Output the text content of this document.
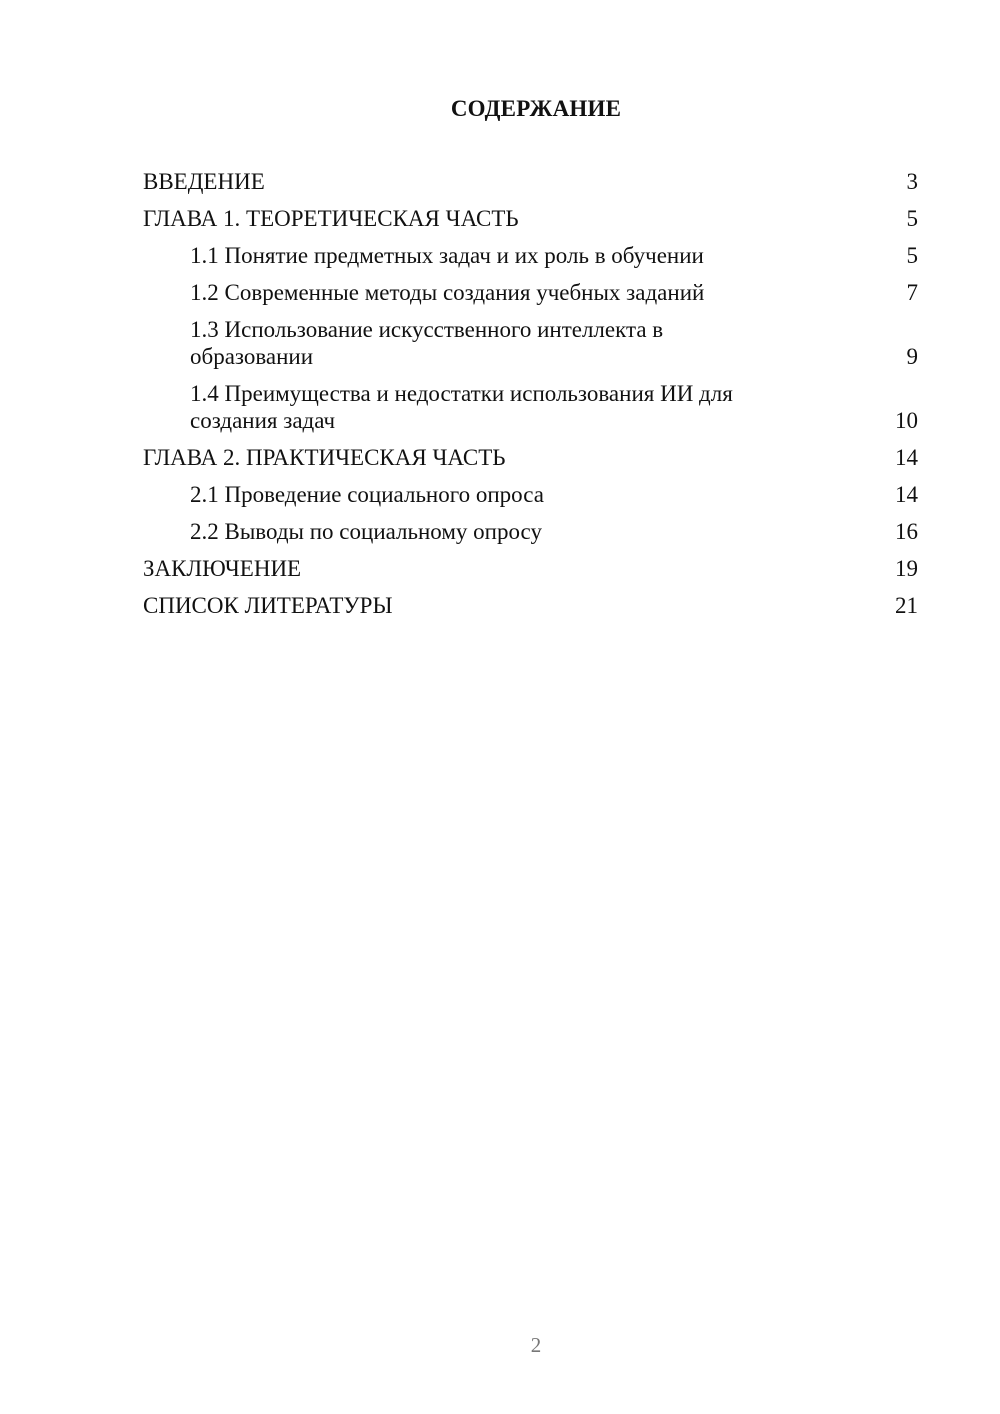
СОДЕРЖАНИЕ
ВВЕДЕНИЕ	3
ГЛАВА 1. ТЕОРЕТИЧЕСКАЯ ЧАСТЬ	5
1.1 Понятие предметных задач и их роль в обучении	5
1.2 Современные методы создания учебных заданий	7
1.3 Использование искусственного интеллекта в образовании	9
1.4 Преимущества и недостатки использования ИИ для создания задач	10
ГЛАВА 2. ПРАКТИЧЕСКАЯ ЧАСТЬ	14
2.1 Проведение социального опроса	14
2.2 Выводы по социальному опросу	16
ЗАКЛЮЧЕНИЕ	19
СПИСОК ЛИТЕРАТУРЫ	21
2
